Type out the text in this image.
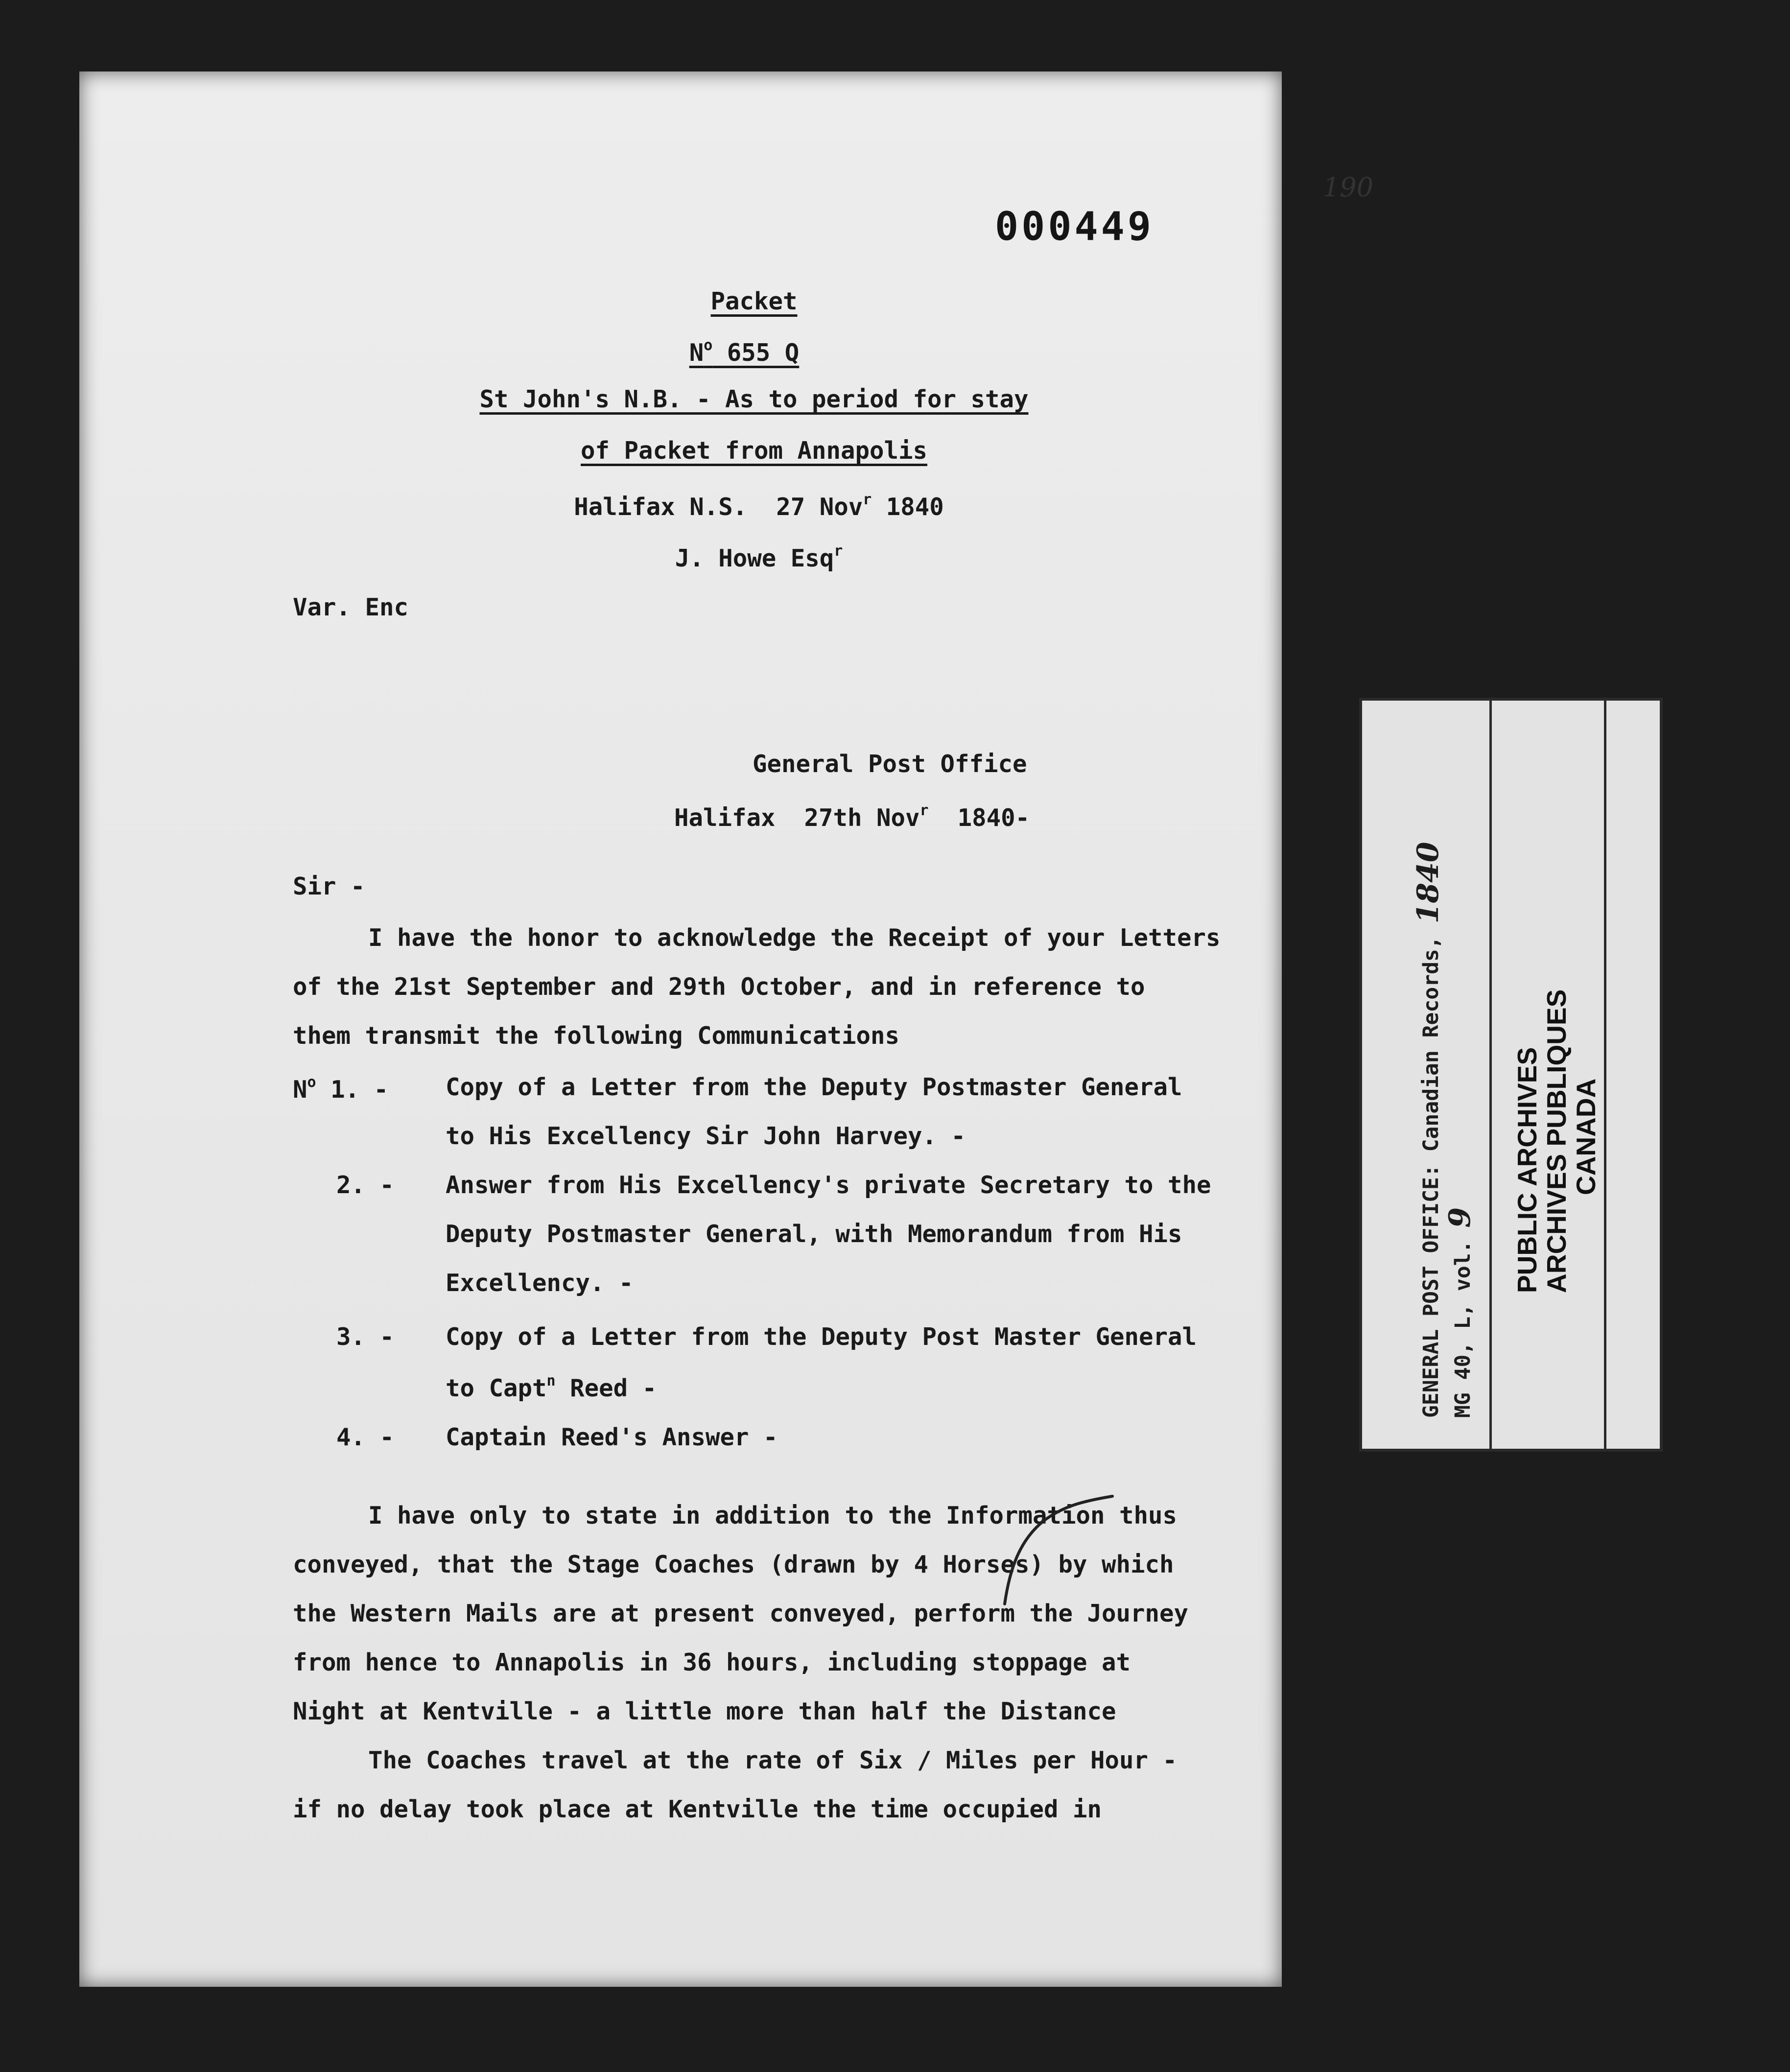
190
000449
Packet
$N^o$ 655 Q
St John's N.B. - As to period for stay
of Packet from Annapolis
Halifax N.S.  27 Nov$^r$ 1840
J. Howe Esq$^r$
Var. Enc
General Post Office
Halifax  27th Nov$^r$  1840-
Sir -
I have the honor to acknowledge the Receipt of your Letters
of the 21st September and 29th October, and in reference to
them transmit the following Communications
$N^o$ 1. - Copy of a Letter from the Deputy Postmaster General
to His Excellency Sir John Harvey. -
2. - Answer from His Excellency's private Secretary to the
Deputy Postmaster General, with Memorandum from His
Excellency. -
3. - Copy of a Letter from the Deputy Post Master General
to Capt$^n$ Reed -
4. - Captain Reed's Answer -
I have only to state in addition to the Information thus
conveyed, that the Stage Coaches (drawn by 4 Horses) by which
the Western Mails are at present conveyed, perform the Journey
from hence to Annapolis in 36 hours, including stoppage at
Night at Kentville - a little more than half the Distance
The Coaches travel at the rate of Six / Miles per Hour -
if no delay took place at Kentville the time occupied in
GENERAL POST OFFICE: Canadian Records, 1840
MG 40, L, vol. 9 PUBLIC ARCHIVES
ARCHIVES PUBLIQUES
CANADA
